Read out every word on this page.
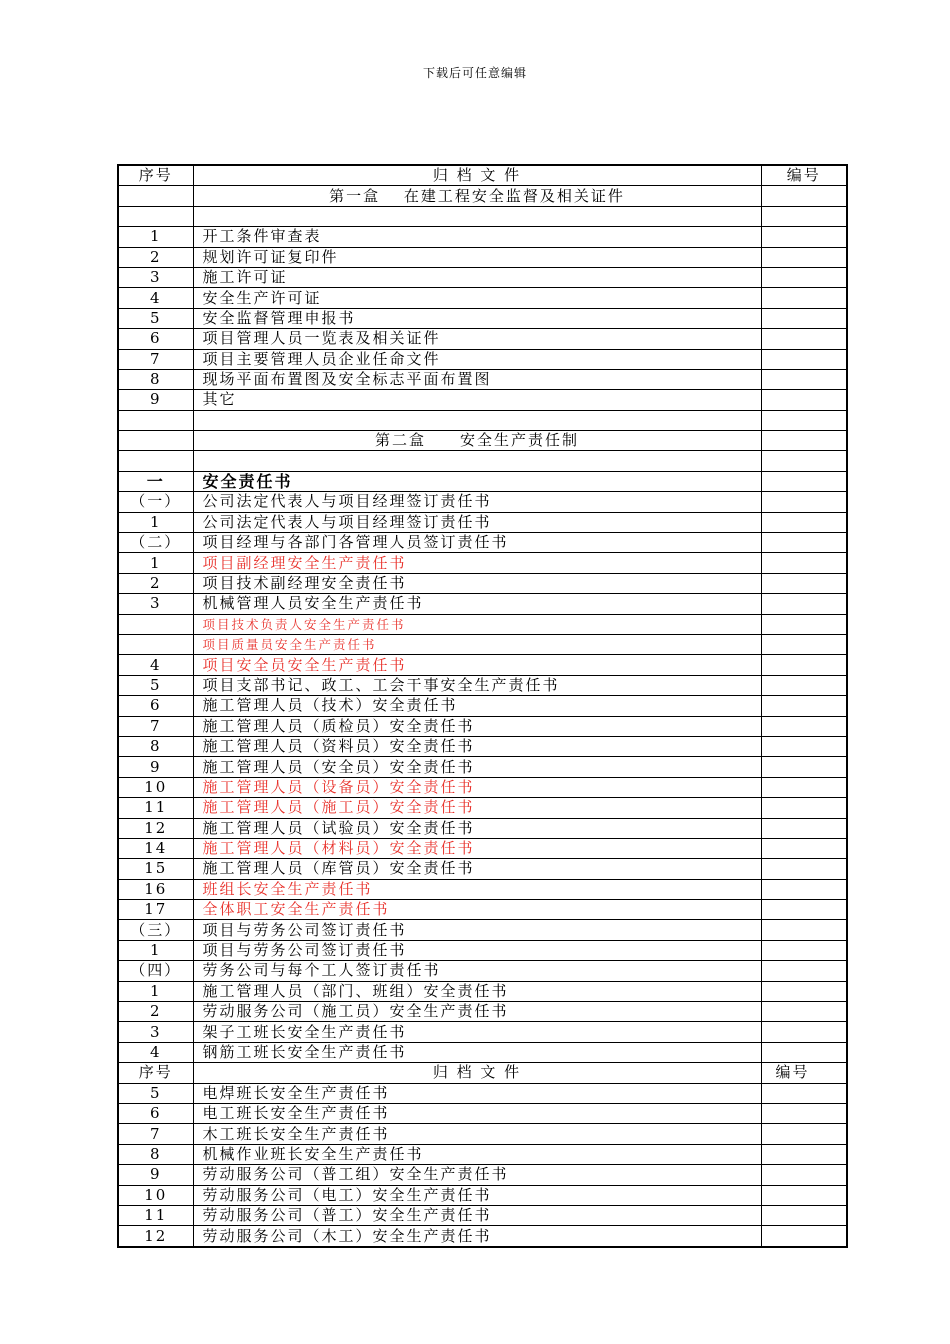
下载后可任意编辑
序号	归 档 文 件	编号
	第一盒　 在建工程安全监督及相关证件	

1	开工条件审查表	
2	规划许可证复印件	
3	施工许可证	
4	安全生产许可证	
5	安全监督管理申报书	
6	项目管理人员一览表及相关证件	
7	项目主要管理人员企业任命文件	
8	现场平面布置图及安全标志平面布置图	
9	其它	

	第二盒　　安全生产责任制	

一	安全责任书	
（一）	公司法定代表人与项目经理签订责任书	
1	公司法定代表人与项目经理签订责任书	
（二）	项目经理与各部门各管理人员签订责任书	
1	项目副经理安全生产责任书	
2	项目技术副经理安全责任书	
3	机械管理人员安全生产责任书	
	项目技术负责人安全生产责任书	
	项目质量员安全生产责任书	
4	项目安全员安全生产责任书	
5	项目支部书记、政工、工会干事安全生产责任书	
6	施工管理人员（技术）安全责任书	
7	施工管理人员（质检员）安全责任书	
8	施工管理人员（资料员）安全责任书	
9	施工管理人员（安全员）安全责任书	
10	施工管理人员（设备员）安全责任书	
11	施工管理人员（施工员）安全责任书	
12	施工管理人员（试验员）安全责任书	
14	施工管理人员（材料员）安全责任书	
15	施工管理人员（库管员）安全责任书	
16	班组长安全生产责任书	
17	全体职工安全生产责任书	
（三）	项目与劳务公司签订责任书	
1	项目与劳务公司签订责任书	
（四）	劳务公司与每个工人签订责任书	
1	施工管理人员（部门、班组）安全责任书	
2	劳动服务公司（施工员）安全生产责任书	
3	架子工班长安全生产责任书	
4	钢筋工班长安全生产责任书	
序号	归 档 文 件	编号
5	电焊班长安全生产责任书	
6	电工班长安全生产责任书	
7	木工班长安全生产责任书	
8	机械作业班长安全生产责任书	
9	劳动服务公司（普工组）安全生产责任书	
10	劳动服务公司（电工）安全生产责任书	
11	劳动服务公司（普工）安全生产责任书	
12	劳动服务公司（木工）安全生产责任书	
